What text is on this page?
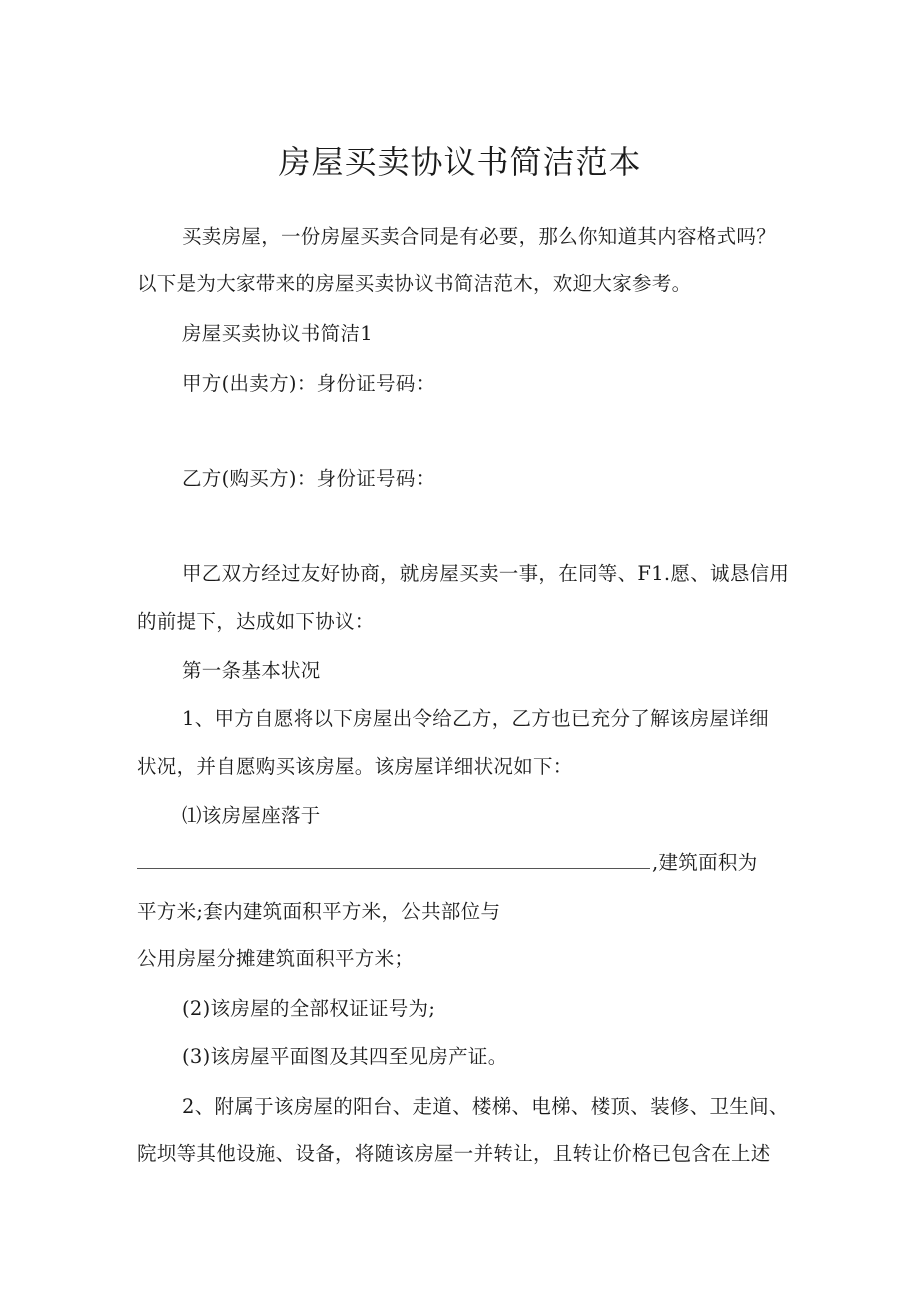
房屋买卖协议书简洁范本
买卖房屋，一份房屋买卖合同是有必要，那么你知道其内容格式吗？
以下是为大家带来的房屋买卖协议书简洁范木，欢迎大家参考。
房屋买卖协议书简洁1
甲方(出卖方)：身份证号码：
乙方(购买方)：身份证号码：
甲乙双方经过友好协商，就房屋买卖一事，在同等、F1.愿、诚恳信用
的前提下，达成如下协议：
第一条基本状况
1、甲方自愿将以下房屋出令给乙方，乙方也已充分了解该房屋详细
状况，并自愿购买该房屋。该房屋详细状况如下：
⑴该房屋座落于
,建筑面积为
平方米;套内建筑面积平方米，公共部位与
公用房屋分摊建筑面积平方米；
(2)该房屋的全部权证证号为;
(3)该房屋平面图及其四至见房产证。
2、附属于该房屋的阳台、走道、楼梯、电梯、楼顶、装修、卫生间、
院坝等其他设施、设备，将随该房屋一并转让，且转让价格已包含在上述
